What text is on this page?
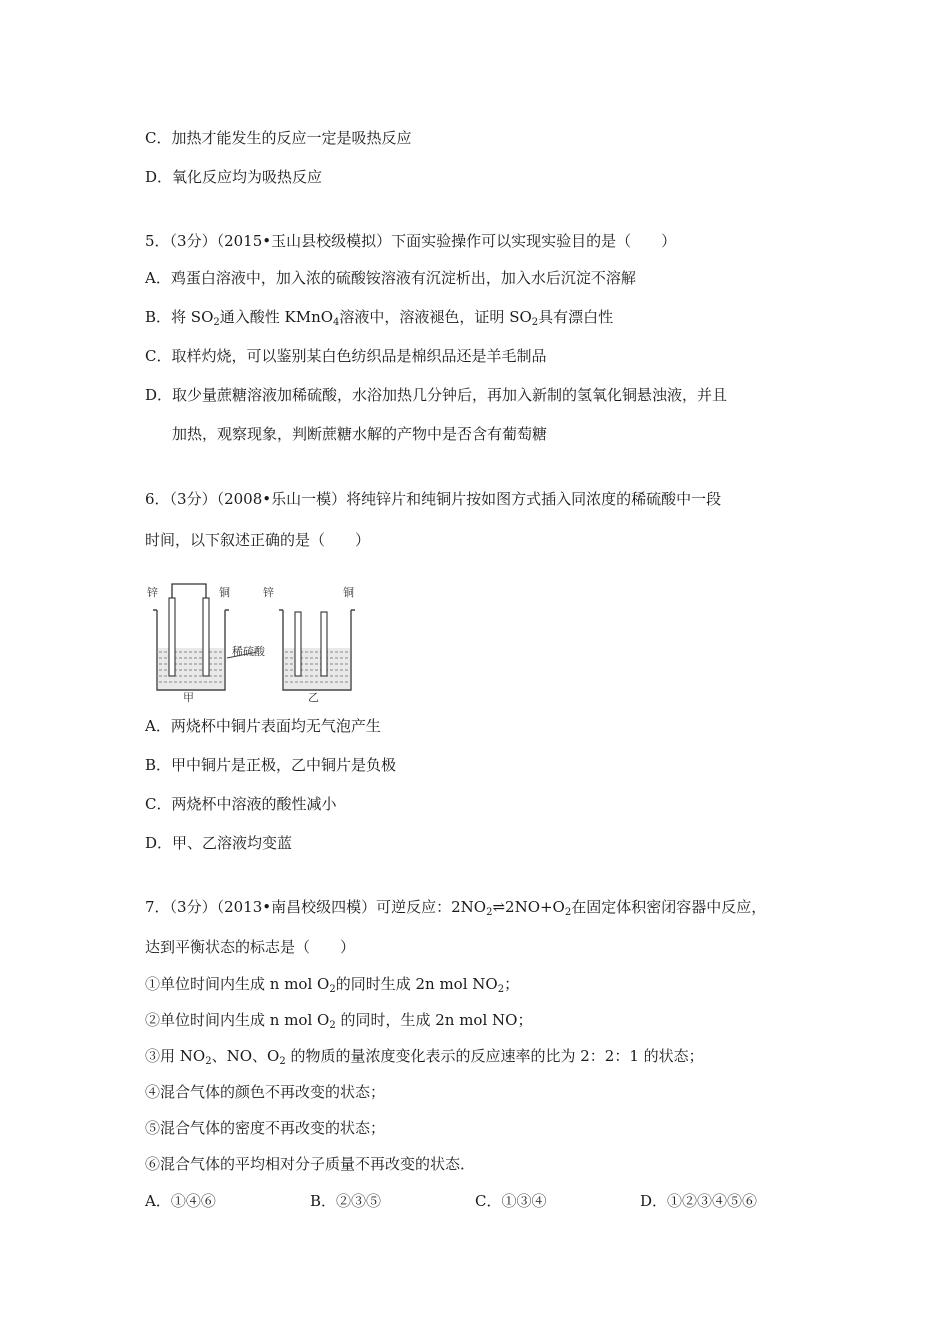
C．加热才能发生的反应一定是吸热反应
D．氧化反应均为吸热反应
5．（3分）（2015•玉山县校级模拟）下面实验操作可以实现实验目的是（　　）
A．鸡蛋白溶液中，加入浓的硫酸铵溶液有沉淀析出，加入水后沉淀不溶解
B．将 $SO_2$通入酸性 KMnO$_4$溶液中，溶液褪色，证明 $SO_2$具有漂白性
C．取样灼烧，可以鉴别某白色纺织品是棉织品还是羊毛制品
D．取少量蔗糖溶液加稀硫酸，水浴加热几分钟后，再加入新制的氢氧化铜悬浊液，并且
加热，观察现象，判断蔗糖水解的产物中是否含有葡萄糖
6．（3分）（2008•乐山一模）将纯锌片和纯铜片按如图方式插入同浓度的稀硫酸中一段
时间，以下叙述正确的是（　　）
锌	铜	锌	铜
稀硫酸
甲	乙
A．两烧杯中铜片表面均无气泡产生
B．甲中铜片是正极，乙中铜片是负极
C．两烧杯中溶液的酸性减小
D．甲、乙溶液均变蓝
7．（3分）（2013•南昌校级四模）可逆反应：$2NO_2\rightleftharpoons 2NO+O_2$在固定体积密闭容器中反应，
达到平衡状态的标志是（　　）
①单位时间内生成 n mol $O_2$的同时生成 2n mol $NO_2$；
②单位时间内生成 n mol $O_2$ 的同时，生成 2n mol NO；
③用 $NO_2$、NO、$O_2$ 的物质的量浓度变化表示的反应速率的比为 2：2：1 的状态；
④混合气体的颜色不再改变的状态；
⑤混合气体的密度不再改变的状态；
⑥混合气体的平均相对分子质量不再改变的状态．
A．①④⑥	B．②③⑤	C．①③④	D．①②③④⑤⑥
